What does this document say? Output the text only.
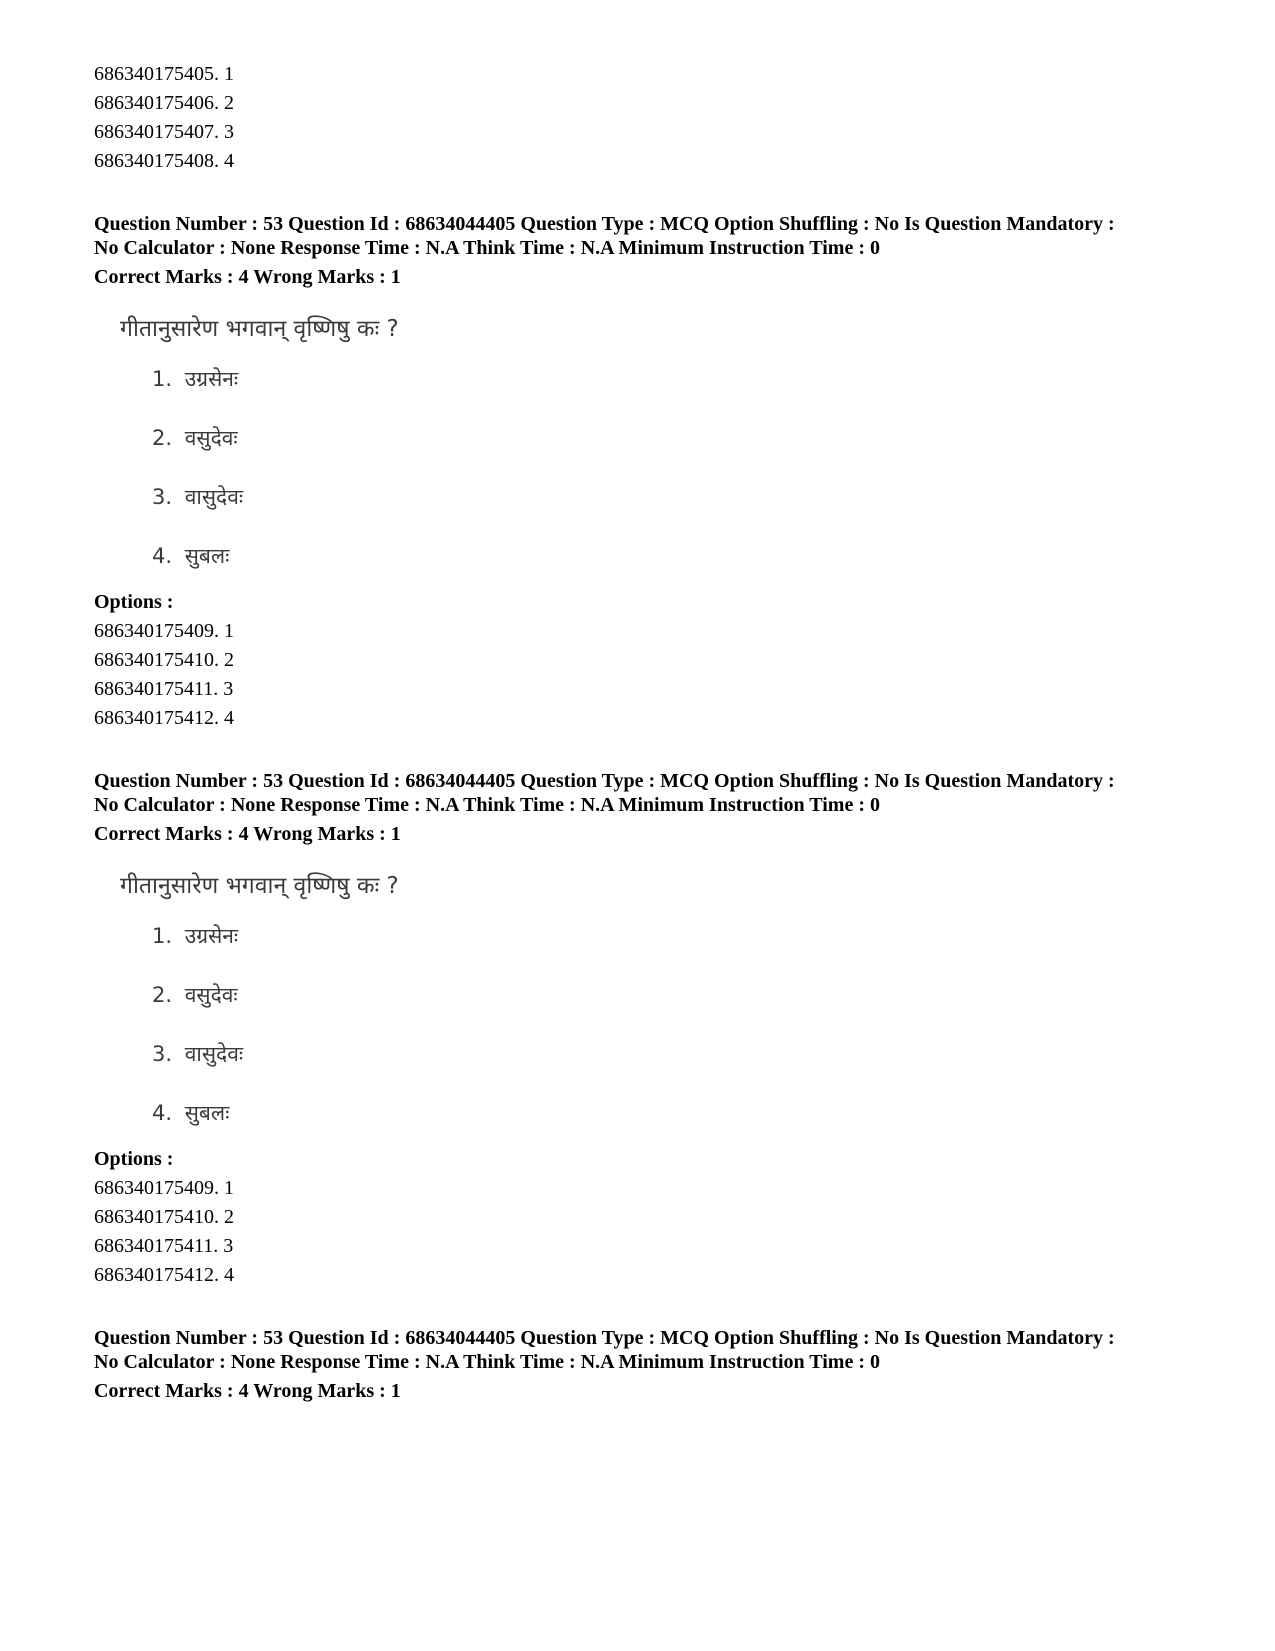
686340175405. 1
686340175406. 2
686340175407. 3
686340175408. 4
Question Number : 53 Question Id : 68634044405 Question Type : MCQ Option Shuffling : No Is Question Mandatory :
No Calculator : None Response Time : N.A Think Time : N.A Minimum Instruction Time : 0
Correct Marks : 4 Wrong Marks : 1
गीतानुसारेण भगवान् वृष्णिषु कः ?
1. उग्रसेनः
2. वसुदेवः
3. वासुदेवः
4. सुबलः
Options :
686340175409. 1
686340175410. 2
686340175411. 3
686340175412. 4
Question Number : 53 Question Id : 68634044405 Question Type : MCQ Option Shuffling : No Is Question Mandatory :
No Calculator : None Response Time : N.A Think Time : N.A Minimum Instruction Time : 0
Correct Marks : 4 Wrong Marks : 1
गीतानुसारेण भगवान् वृष्णिषु कः ?
1. उग्रसेनः
2. वसुदेवः
3. वासुदेवः
4. सुबलः
Options :
686340175409. 1
686340175410. 2
686340175411. 3
686340175412. 4
Question Number : 53 Question Id : 68634044405 Question Type : MCQ Option Shuffling : No Is Question Mandatory :
No Calculator : None Response Time : N.A Think Time : N.A Minimum Instruction Time : 0
Correct Marks : 4 Wrong Marks : 1
